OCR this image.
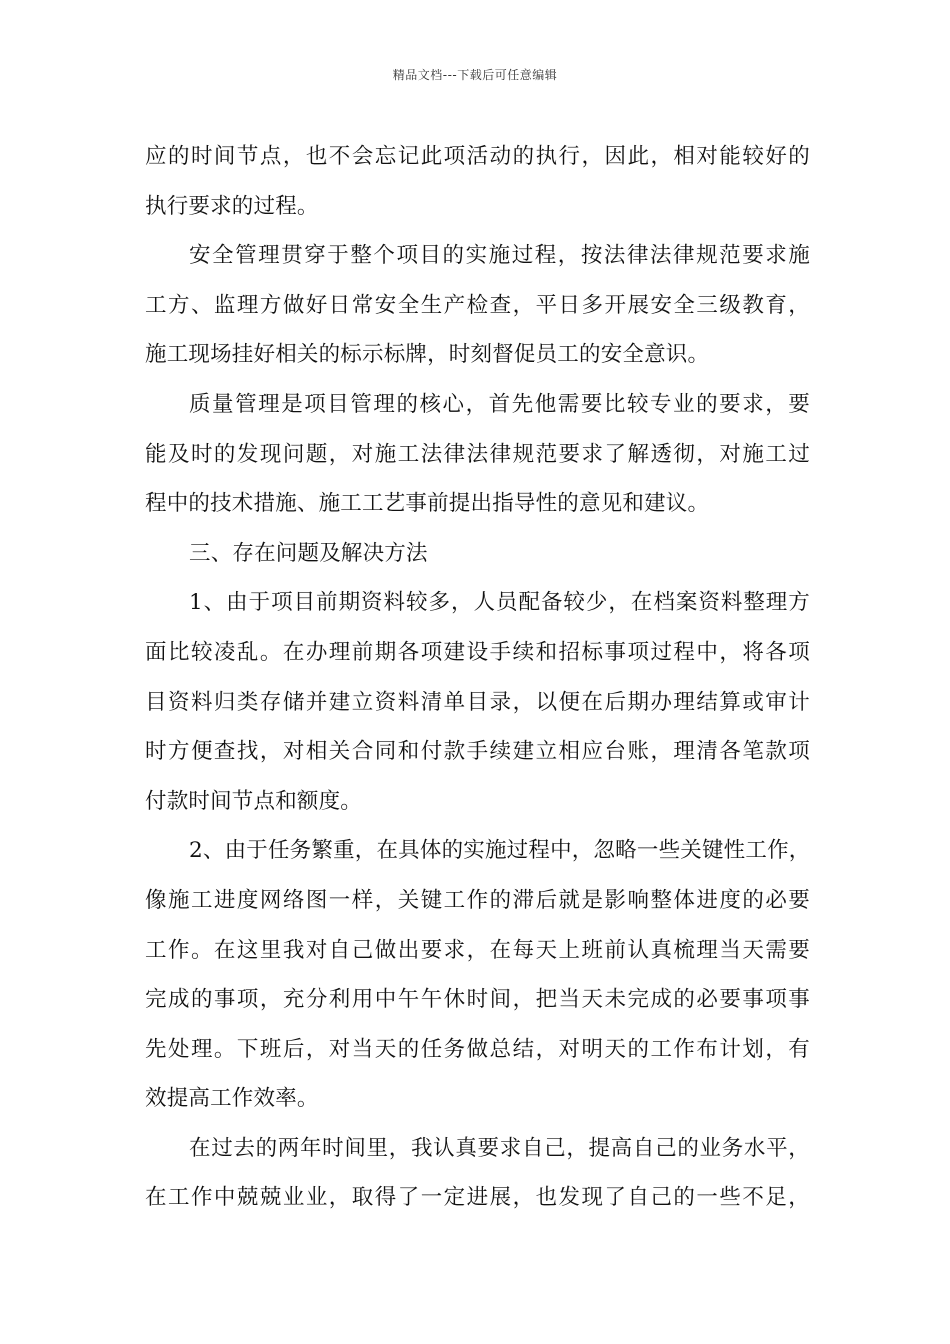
精品文档---下载后可任意编辑
应的时间节点，也不会忘记此项活动的执行，因此，相对能较好的
执行要求的过程。
安全管理贯穿于整个项目的实施过程，按法律法律规范要求施
工方、监理方做好日常安全生产检查，平日多开展安全三级教育，
施工现场挂好相关的标示标牌，时刻督促员工的安全意识。
质量管理是项目管理的核心，首先他需要比较专业的要求，要
能及时的发现问题，对施工法律法律规范要求了解透彻，对施工过
程中的技术措施、施工工艺事前提出指导性的意见和建议。
三、存在问题及解决方法
1、由于项目前期资料较多，人员配备较少，在档案资料整理方
面比较凌乱。在办理前期各项建设手续和招标事项过程中，将各项
目资料归类存储并建立资料清单目录，以便在后期办理结算或审计
时方便查找，对相关合同和付款手续建立相应台账，理清各笔款项
付款时间节点和额度。
2、由于任务繁重，在具体的实施过程中，忽略一些关键性工作，
像施工进度网络图一样，关键工作的滞后就是影响整体进度的必要
工作。在这里我对自己做出要求，在每天上班前认真梳理当天需要
完成的事项，充分利用中午午休时间，把当天未完成的必要事项事
先处理。下班后，对当天的任务做总结，对明天的工作布计划，有
效提高工作效率。
在过去的两年时间里，我认真要求自己，提高自己的业务水平，
在工作中兢兢业业，取得了一定进展，也发现了自己的一些不足，
